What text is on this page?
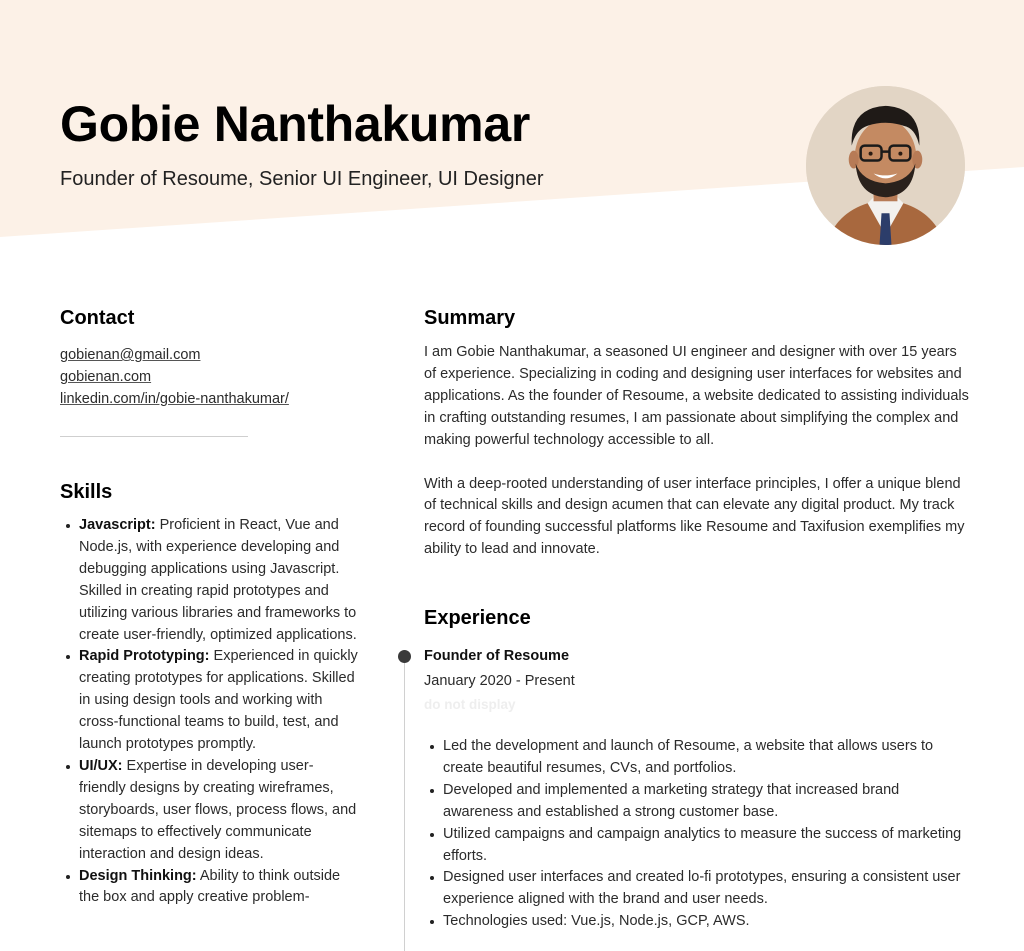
Gobie Nanthakumar
Founder of Resoume, Senior UI Engineer, UI Designer
Contact
gobienan@gmail.com
gobienan.com
linkedin.com/in/gobie-nanthakumar/
Skills
Javascript: Proficient in React, Vue and Node.js, with experience developing and debugging applications using Javascript. Skilled in creating rapid prototypes and utilizing various libraries and frameworks to create user-friendly, optimized applications.
Rapid Prototyping: Experienced in quickly creating prototypes for applications. Skilled in using design tools and working with cross-functional teams to build, test, and launch prototypes promptly.
UI/UX: Expertise in developing user-friendly designs by creating wireframes, storyboards, user flows, process flows, and sitemaps to effectively communicate interaction and design ideas.
Design Thinking: Ability to think outside the box and apply creative problem-
Summary

I am Gobie Nanthakumar, a seasoned UI engineer and designer with over 15 years of experience. Specializing in coding and designing user interfaces for websites and applications. As the founder of Resoume, a website dedicated to assisting individuals in crafting outstanding resumes, I am passionate about simplifying the complex and making powerful technology accessible to all.

With a deep-rooted understanding of user interface principles, I offer a unique blend of technical skills and design acumen that can elevate any digital product. My track record of founding successful platforms like Resoume and Taxifusion exemplifies my ability to lead and innovate.

Experience
Founder of Resoume
January 2020 - Present
do not display
Led the development and launch of Resoume, a website that allows users to create beautiful resumes, CVs, and portfolios.
Developed and implemented a marketing strategy that increased brand awareness and established a strong customer base.
Utilized campaigns and campaign analytics to measure the success of marketing efforts.
Designed user interfaces and created lo-fi prototypes, ensuring a consistent user experience aligned with the brand and user needs.
Technologies used: Vue.js, Node.js, GCP, AWS.
